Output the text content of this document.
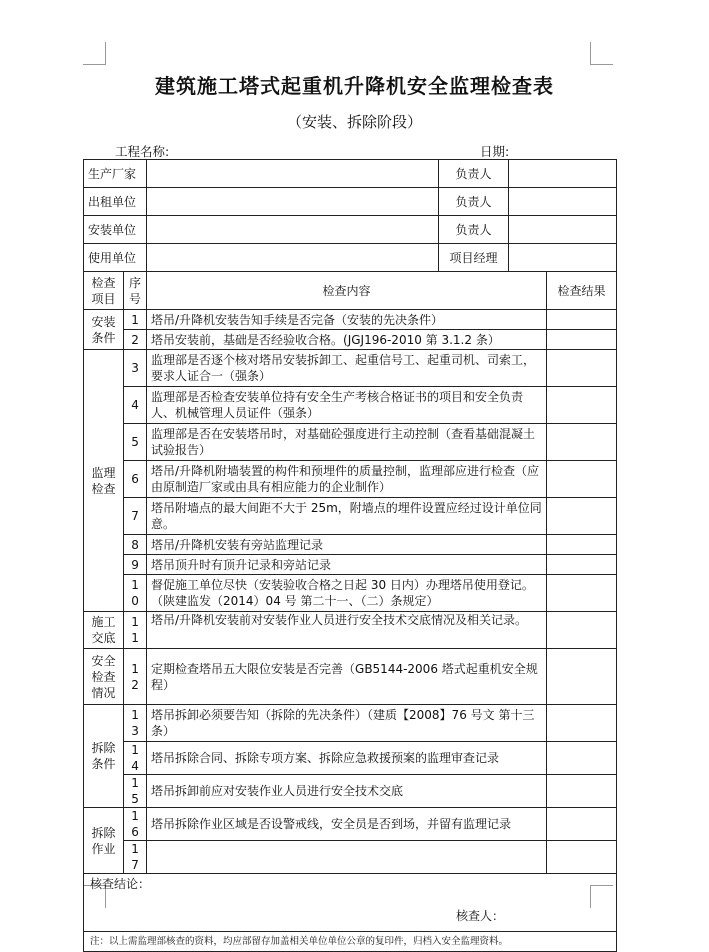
建筑施工塔式起重机升降机安全监理检查表
（安装、拆除阶段）
工程名称:	日期:
生产厂家			负责人		
出租单位			负责人		
安装单位			负责人		
使用单位			项目经理		
检查项目	序号	检查内容			检查结果
安装条件	1	塔吊/升降机安装告知手续是否完备（安装的先决条件）			
	2	塔吊安装前，基础是否经验收合格。(JGJ196-2010 第 3.1.2 条）			
监理检查	3	监理部是否逐个核对塔吊安装拆卸工、起重信号工、起重司机、司索工，要求人证合一（强条）			
	4	监理部是否检查安装单位持有安全生产考核合格证书的项目和安全负责人、机械管理人员证件（强条）			
	5	监理部是否在安装塔吊时，对基础砼强度进行主动控制（查看基础混凝土试验报告）			
	6	塔吊/升降机附墙装置的构件和预埋件的质量控制，监理部应进行检查（应由原制造厂家或由具有相应能力的企业制作）			
	7	塔吊附墙点的最大间距不大于 25m，附墙点的埋件设置应经过设计单位同意。			
	8	塔吊/升降机安装有旁站监理记录			
	9	塔吊顶升时有顶升记录和旁站记录			
	10	督促施工单位尽快（安装验收合格之日起 30 日内）办理塔吊使用登记。（陕建监发（2014）04 号 第二十一、（二）条规定）			
施工交底	11	塔吊/升降机安装前对安装作业人员进行安全技术交底情况及相关记录。			
安全检查情况	12	定期检查塔吊五大限位安装是否完善（GB5144-2006 塔式起重机安全规程）			
拆除条件	13	塔吊拆卸必须要告知（拆除的先决条件）（建质【2008】76 号文 第十三条）			
	14	塔吊拆除合同、拆除专项方案、拆除应急救援预案的监理审查记录			
	15	塔吊拆卸前应对安装作业人员进行安全技术交底			
拆除作业	16	塔吊拆除作业区域是否设警戒线，安全员是否到场，并留有监理记录			
	17				

核查结论：
核查人：					

注：以上需监理部核查的资料，均应部留存加盖相关单位单位公章的复印件，归档入安全监理资料。					
